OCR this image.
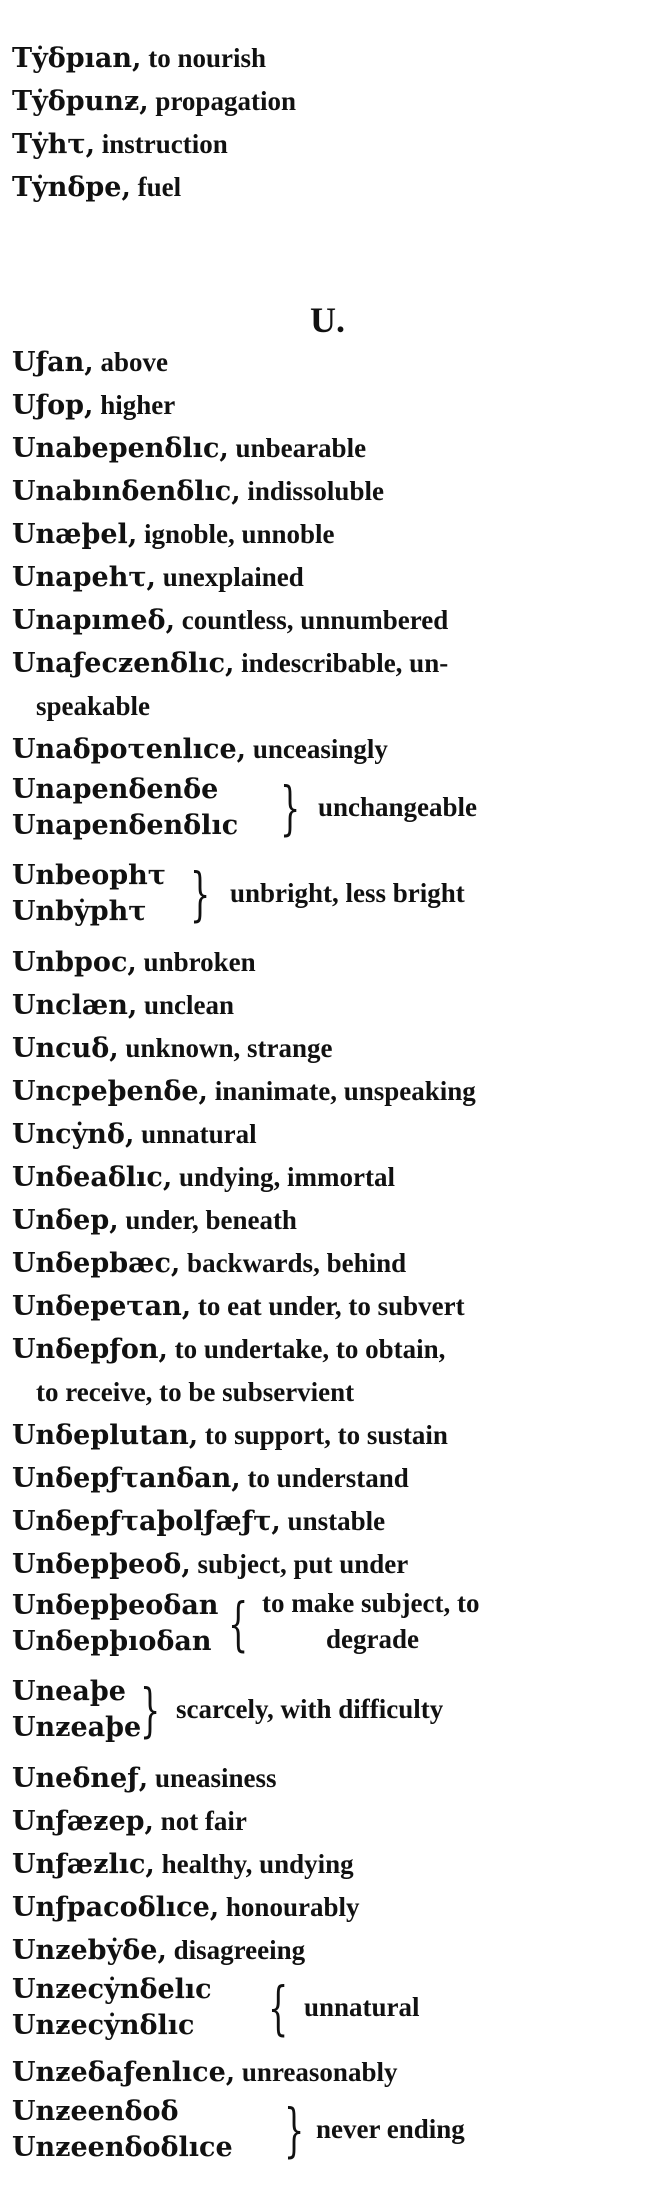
Tẏδpıan, to nourish
Tẏδpunƶ, propagation
Tẏhτ, instruction
Tẏnδpe, fuel
U.
Uƒan, above
Uƒop, higher
Unabepenδlıc, unbearable
Unabınδenδlıc, indissoluble
Unæþel, ignoble, unnoble
Unapehτ, unexplained
Unapımeδ, countless, unnumbered
Unaƒecƶenδlıc, indescribable, un-
speakable
Unaδpoτenlıce, unceasingly
Unapenδenδe
Unapenδenδlıc } unchangeable
Unbeophτ
Unbẏphτ } unbright, less bright
Unbpoc, unbroken
Unclæn, unclean
Uncuδ, unknown, strange
Uncpeþenδe, inanimate, unspeaking
Uncẏnδ, unnatural
Unδeaδlıc, undying, immortal
Unδep, under, beneath
Unδepbæc, backwards, behind
Unδepeτan, to eat under, to subvert
Unδepƒon, to undertake, to obtain,
to receive, to be subservient
Unδeplutan, to support, to sustain
Unδepƒτanδan, to understand
Unδepƒτaþolƒæƒτ, unstable
Unδepþeoδ, subject, put under
Unδepþeoδan
Unδepþıoδan { to make subject, to
degrade
Uneaþe
Unƶeaþe
} scarcely, with difficulty
Uneδneƒ, uneasiness
Unƒæƶep, not fair
Unƒæƶlıc, healthy, undying
Unƒpacoδlıce, honourably
Unƶebẏδe, disagreeing
Unƶecẏnδelıc
Unƶecẏnδlıc { unnatural
Unƶeδaƒenlıce, unreasonably
Unƶeenδoδ
Unƶeenδoδlıce } never ending
